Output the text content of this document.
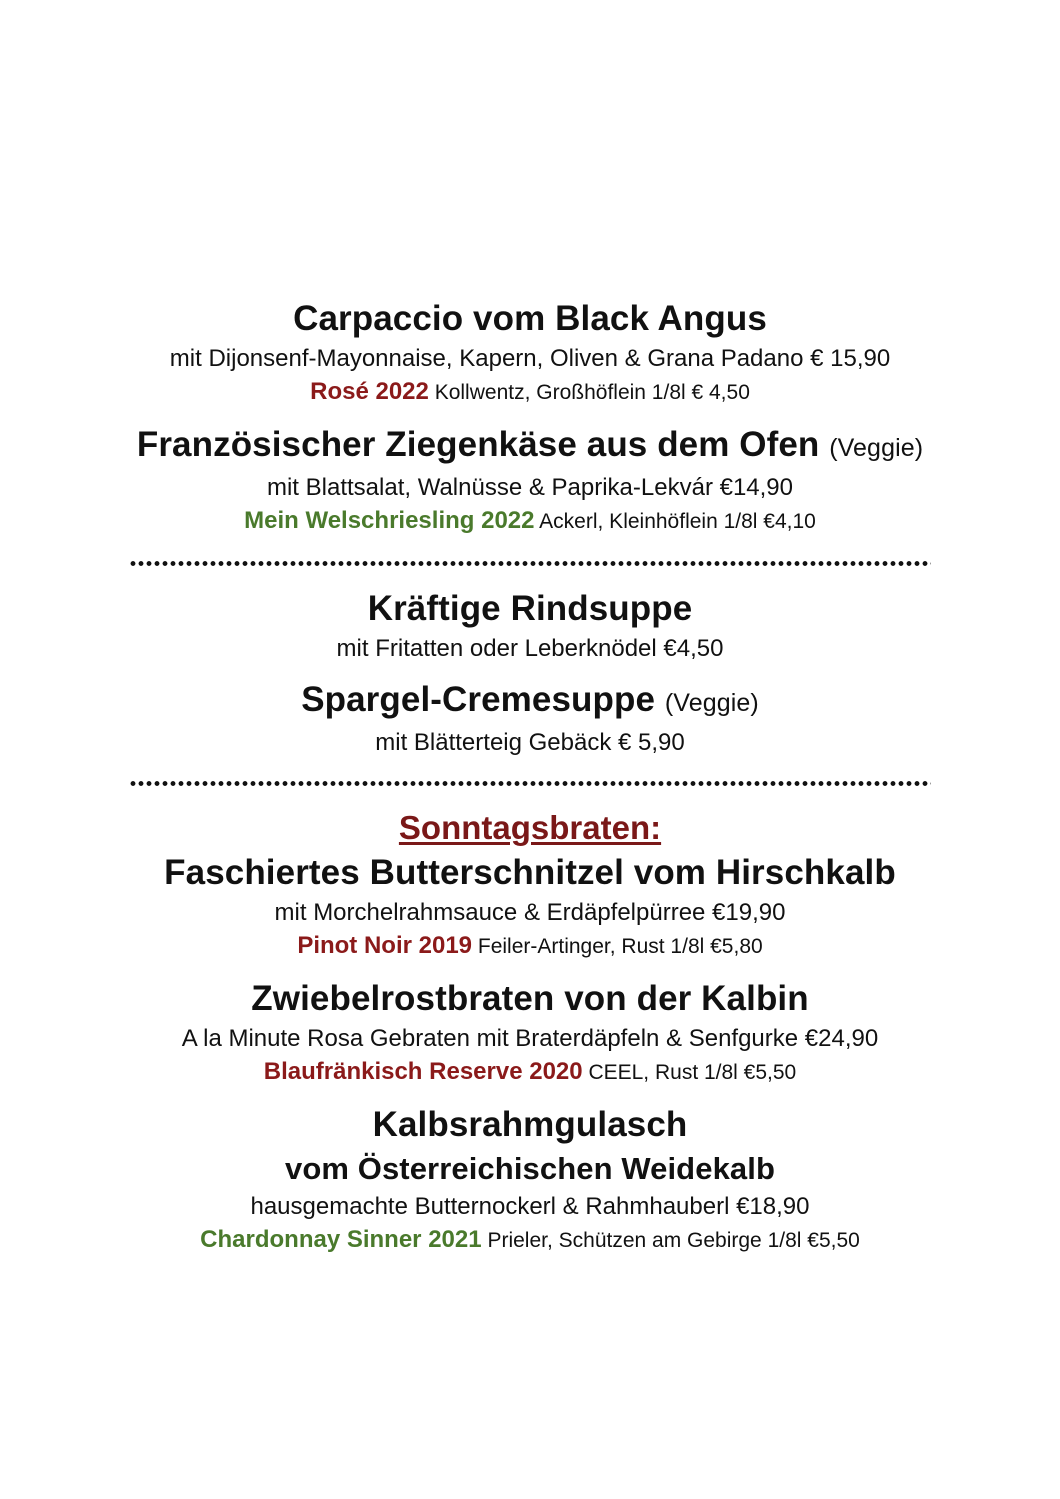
Carpaccio vom Black Angus

mit Dijonsenf-Mayonnaise, Kapern, Oliven & Grana Padano € 15,90

Rosé 2022 Kollwentz, Großhöflein 1/8l € 4,50

Französischer Ziegenkäse aus dem Ofen (Veggie)

mit Blattsalat, Walnüsse & Paprika-Lekvár €14,90

Mein Welschriesling 2022 Ackerl, Kleinhöflein 1/8l €4,10

Kräftige Rindsuppe

mit Fritatten oder Leberknödel €4,50

Spargel-Cremesuppe (Veggie)

mit Blätterteig Gebäck € 5,90

Sonntagsbraten:

Faschiertes Butterschnitzel vom Hirschkalb

mit Morchelrahmsauce & Erdäpfelpürree €19,90

Pinot Noir 2019 Feiler-Artinger, Rust 1/8l €5,80

Zwiebelrostbraten von der Kalbin

A la Minute Rosa Gebraten mit Braterdäpfeln & Senfgurke €24,90

Blaufränkisch Reserve 2020 CEEL, Rust 1/8l €5,50

Kalbsrahmgulasch

vom Österreichischen Weidekalb

hausgemachte Butternockerl & Rahmhauberl €18,90

Chardonnay Sinner 2021 Prieler, Schützen am Gebirge 1/8l €5,50
